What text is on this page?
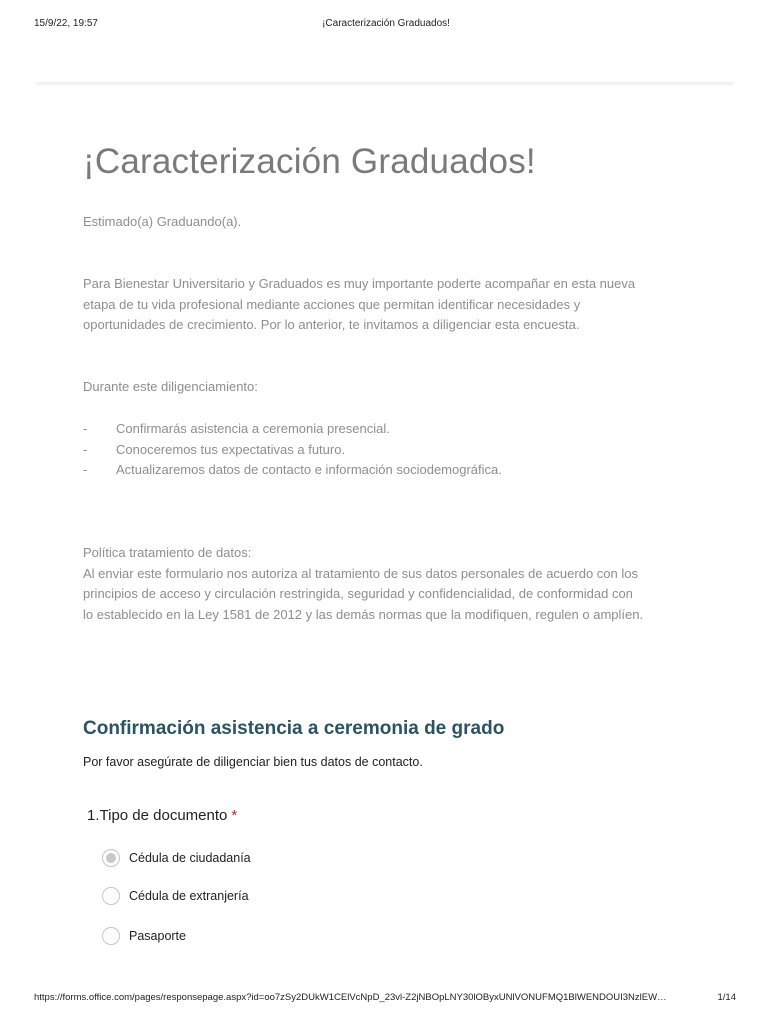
15/9/22, 19:57	¡Caracterización Graduados!
¡Caracterización Graduados!

Estimado(a) Graduando(a).

Para Bienestar Universitario y Graduados es muy importante poderte acompañar en esta nueva

etapa de tu vida profesional mediante acciones que permitan identificar necesidades y

oportunidades de crecimiento. Por lo anterior, te invitamos a diligenciar esta encuesta.

Durante este diligenciamiento:

-	Confirmarás asistencia a ceremonia presencial.
-	Conoceremos tus expectativas a futuro.
-	Actualizaremos datos de contacto e información sociodemográfica.

Política tratamiento de datos:

Al enviar este formulario nos autoriza al tratamiento de sus datos personales de acuerdo con los

principios de acceso y circulación restringida, seguridad y confidencialidad, de conformidad con

lo establecido en la Ley 1581 de 2012 y las demás normas que la modifiquen, regulen o amplíen.

Confirmación asistencia a ceremonia de grado
Por favor asegúrate de diligenciar bien tus datos de contacto.
1.Tipo de documento *
Cédula de ciudadanía
Cédula de extranjería
Pasaporte
https://forms.office.com/pages/responsepage.aspx?id=oo7zSy2DUkW1CElVcNpD_23vl-Z2jNBOpLNY30lOByxUNlVONUFMQ1BlWENDOUI3NzlEW…	1/14
